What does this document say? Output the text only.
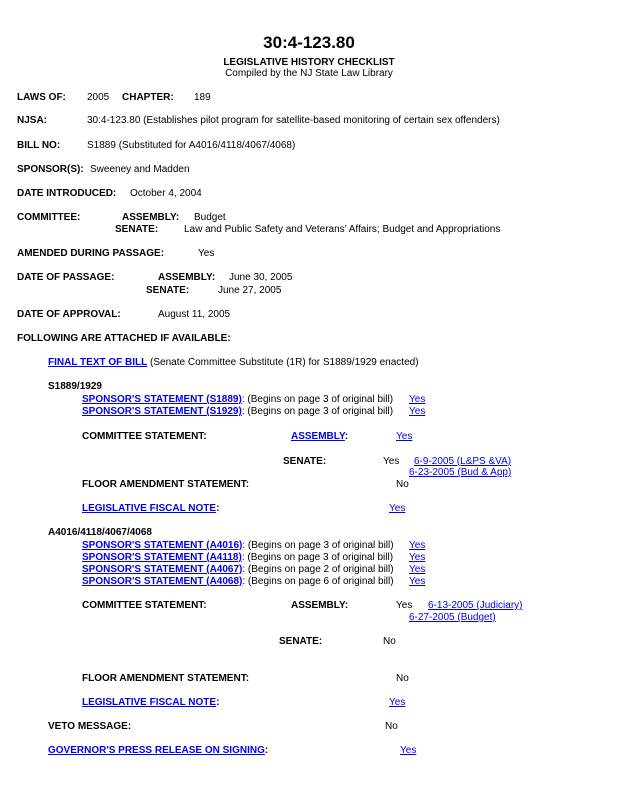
30:4-123.80
LEGISLATIVE HISTORY CHECKLIST
Compiled by the NJ State Law Library
LAWS OF: 2005 CHAPTER: 189
NJSA:	30:4-123.80 (Establishes pilot program for satellite-based monitoring of certain sex offenders)
BILL NO:	S1889 (Substituted for A4016/4118/4067/4068)
SPONSOR(S): Sweeney and Madden
DATE INTRODUCED: October 4, 2004
COMMITTEE:	ASSEMBLY: Budget
SENATE:	Law and Public Safety and Veterans’ Affairs; Budget and Appropriations
AMENDED DURING PASSAGE:	Yes
DATE OF PASSAGE:	ASSEMBLY: June 30, 2005
SENATE:	June 27, 2005
DATE OF APPROVAL:	August 11, 2005
FOLLOWING ARE ATTACHED IF AVAILABLE:
FINAL TEXT OF BILL (Senate Committee Substitute (1R) for S1889/1929 enacted)
S1889/1929
SPONSOR'S STATEMENT (S1889): (Begins on page 3 of original bill) Yes
SPONSOR'S STATEMENT (S1929): (Begins on page 3 of original bill) Yes
COMMITTEE STATEMENT:	ASSEMBLY:	Yes
SENATE:	Yes 6-9-2005 (L&PS &VA)
6-23-2005 (Bud & App)
FLOOR AMENDMENT STATEMENT:	No
LEGISLATIVE FISCAL NOTE:	Yes
A4016/4118/4067/4068
SPONSOR'S STATEMENT (A4016): (Begins on page 3 of original bill) Yes
SPONSOR'S STATEMENT (A4118): (Begins on page 3 of original bill) Yes
SPONSOR'S STATEMENT (A4067): (Begins on page 2 of original bill) Yes
SPONSOR'S STATEMENT (A4068): (Begins on page 6 of original bill) Yes
COMMITTEE STATEMENT:	ASSEMBLY:	Yes 6-13-2005 (Judiciary)
6-27-2005 (Budget)
SENATE:	No
FLOOR AMENDMENT STATEMENT:	No
LEGISLATIVE FISCAL NOTE:	Yes
VETO MESSAGE:	No
GOVERNOR'S PRESS RELEASE ON SIGNING:	Yes
